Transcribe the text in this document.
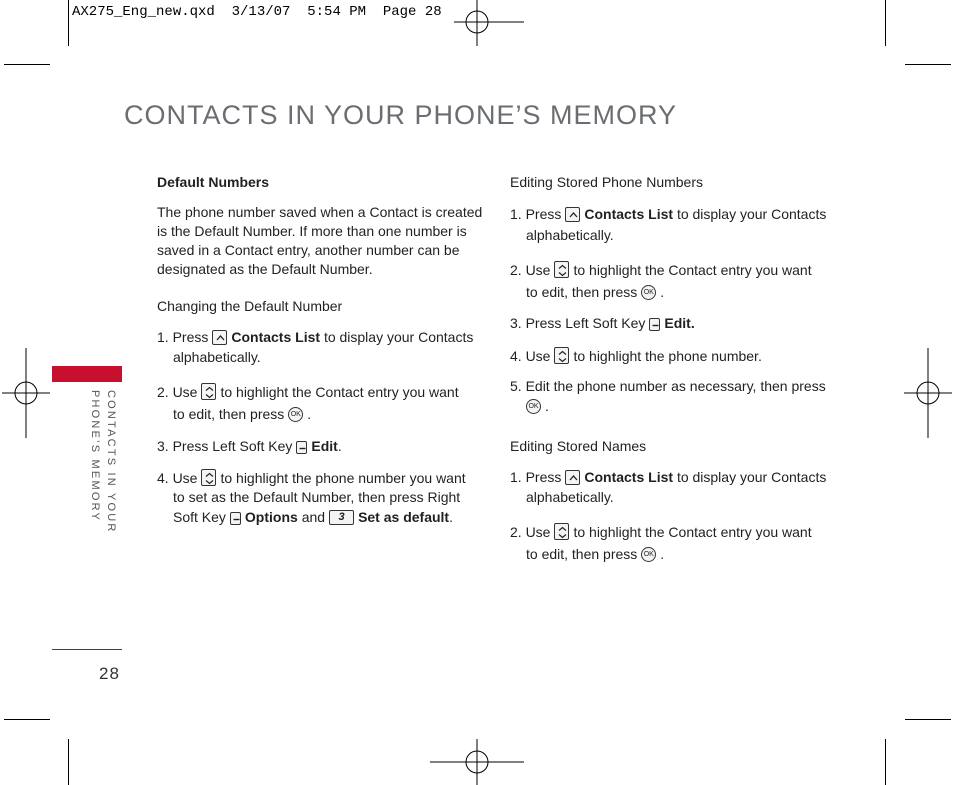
AX275_Eng_new.qxd  3/13/07  5:54 PM  Page 28
CONTACTS IN YOUR PHONE’S MEMORY
CONTACTS IN YOUR
PHONE’S MEMORY
28
Default Numbers

The phone number saved when a Contact is created

is the Default Number. If more than one number is

saved in a Contact entry, another number can be

designated as the Default Number.

Changing the Default Number
1. Press Contacts List to display your Contacts
alphabetically.
2. Use to highlight the Contact entry you want
to edit, then press OK .
3. Press Left Soft Key Edit.
4. Use to highlight the phone number you want
to set as the Default Number, then press Right
Soft Key Options and	3 Set as default.
Editing Stored Phone Numbers
1. Press Contacts List to display your Contacts
alphabetically.
2. Use to highlight the Contact entry you want
to edit, then press OK .
3. Press Left Soft Key Edit.
4. Use to highlight the phone number.
5. Edit the phone number as necessary, then press
OK .
Editing Stored Names
1. Press Contacts List to display your Contacts
alphabetically.
2. Use to highlight the Contact entry you want
to edit, then press OK .
